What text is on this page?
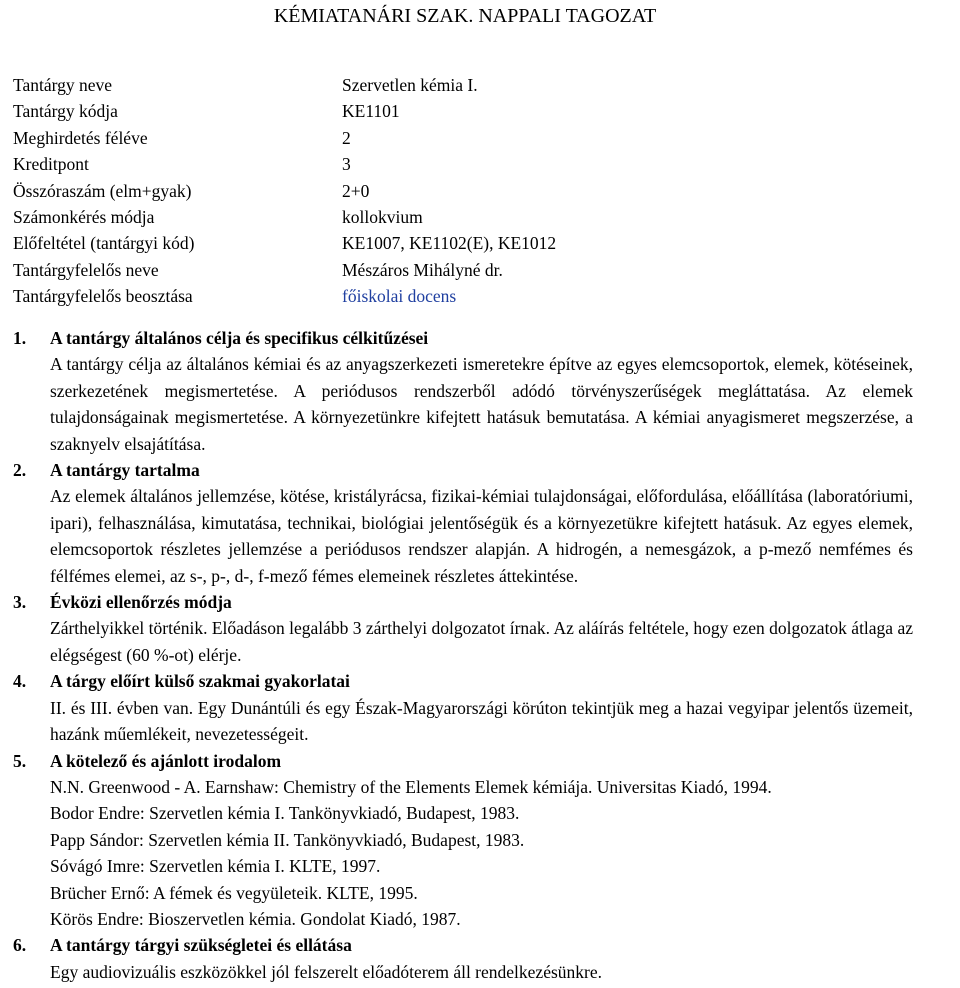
KÉMIATANÁRI SZAK. NAPPALI TAGOZAT
Tantárgy neve	Szervetlen kémia I.
Tantárgy kódja	KE1101
Meghirdetés féléve	2
Kreditpont	3
Összóraszám (elm+gyak)	2+0
Számonkérés módja	kollokvium
Előfeltétel (tantárgyi kód)	KE1007, KE1102(E), KE1012
Tantárgyfelelős neve	Mészáros Mihályné dr.
Tantárgyfelelős beosztása	főiskolai docens
1. A tantárgy általános célja és specifikus célkitűzései

A tantárgy célja az általános kémiai és az anyagszerkezeti ismeretekre építve az egyes elemcsoportok, elemek, kötéseinek, szerkezetének megismertetése. A periódusos rendszerből adódó törvényszerűségek megláttatása. Az elemek tulajdonságainak megismertetése. A környezetünkre kifejtett hatásuk bemutatása. A kémiai anyagismeret megszerzése, a szaknyelv elsajátítása.

2. A tantárgy tartalma

Az elemek általános jellemzése, kötése, kristályrácsa, fizikai-kémiai tulajdonságai, előfordulása, előállítása (laboratóriumi, ipari), felhasználása, kimutatása, technikai, biológiai jelentőségük és a környezetükre kifejtett hatásuk. Az egyes elemek, elemcsoportok részletes jellemzése a periódusos rendszer alapján. A hidrogén, a nemesgázok, a p-mező nemfémes és félfémes elemei, az s-, p-, d-, f-mező fémes elemeinek részletes áttekintése.

3. Évközi ellenőrzés módja

Zárthelyikkel történik. Előadáson legalább 3 zárthelyi dolgozatot írnak. Az aláírás feltétele, hogy ezen dolgozatok átlaga az elégségest (60 %-ot) elérje.

4. A tárgy előírt külső szakmai gyakorlatai

II. és III. évben van. Egy Dunántúli és egy Észak-Magyarországi körúton tekintjük meg a hazai vegyipar jelentős üzemeit, hazánk műemlékeit, nevezetességeit.

5. A kötelező és ajánlott irodalom

N.N. Greenwood - A. Earnshaw: Chemistry of the Elements Elemek kémiája. Universitas Kiadó, 1994.

Bodor Endre: Szervetlen kémia I. Tankönyvkiadó, Budapest, 1983.

Papp Sándor: Szervetlen kémia II. Tankönyvkiadó, Budapest, 1983.

Sóvágó Imre: Szervetlen kémia I. KLTE, 1997.

Brücher Ernő: A fémek és vegyületeik. KLTE, 1995.

Körös Endre: Bioszervetlen kémia. Gondolat Kiadó, 1987.

6. A tantárgy tárgyi szükségletei és ellátása

Egy audiovizuális eszközökkel jól felszerelt előadóterem áll rendelkezésünkre.
